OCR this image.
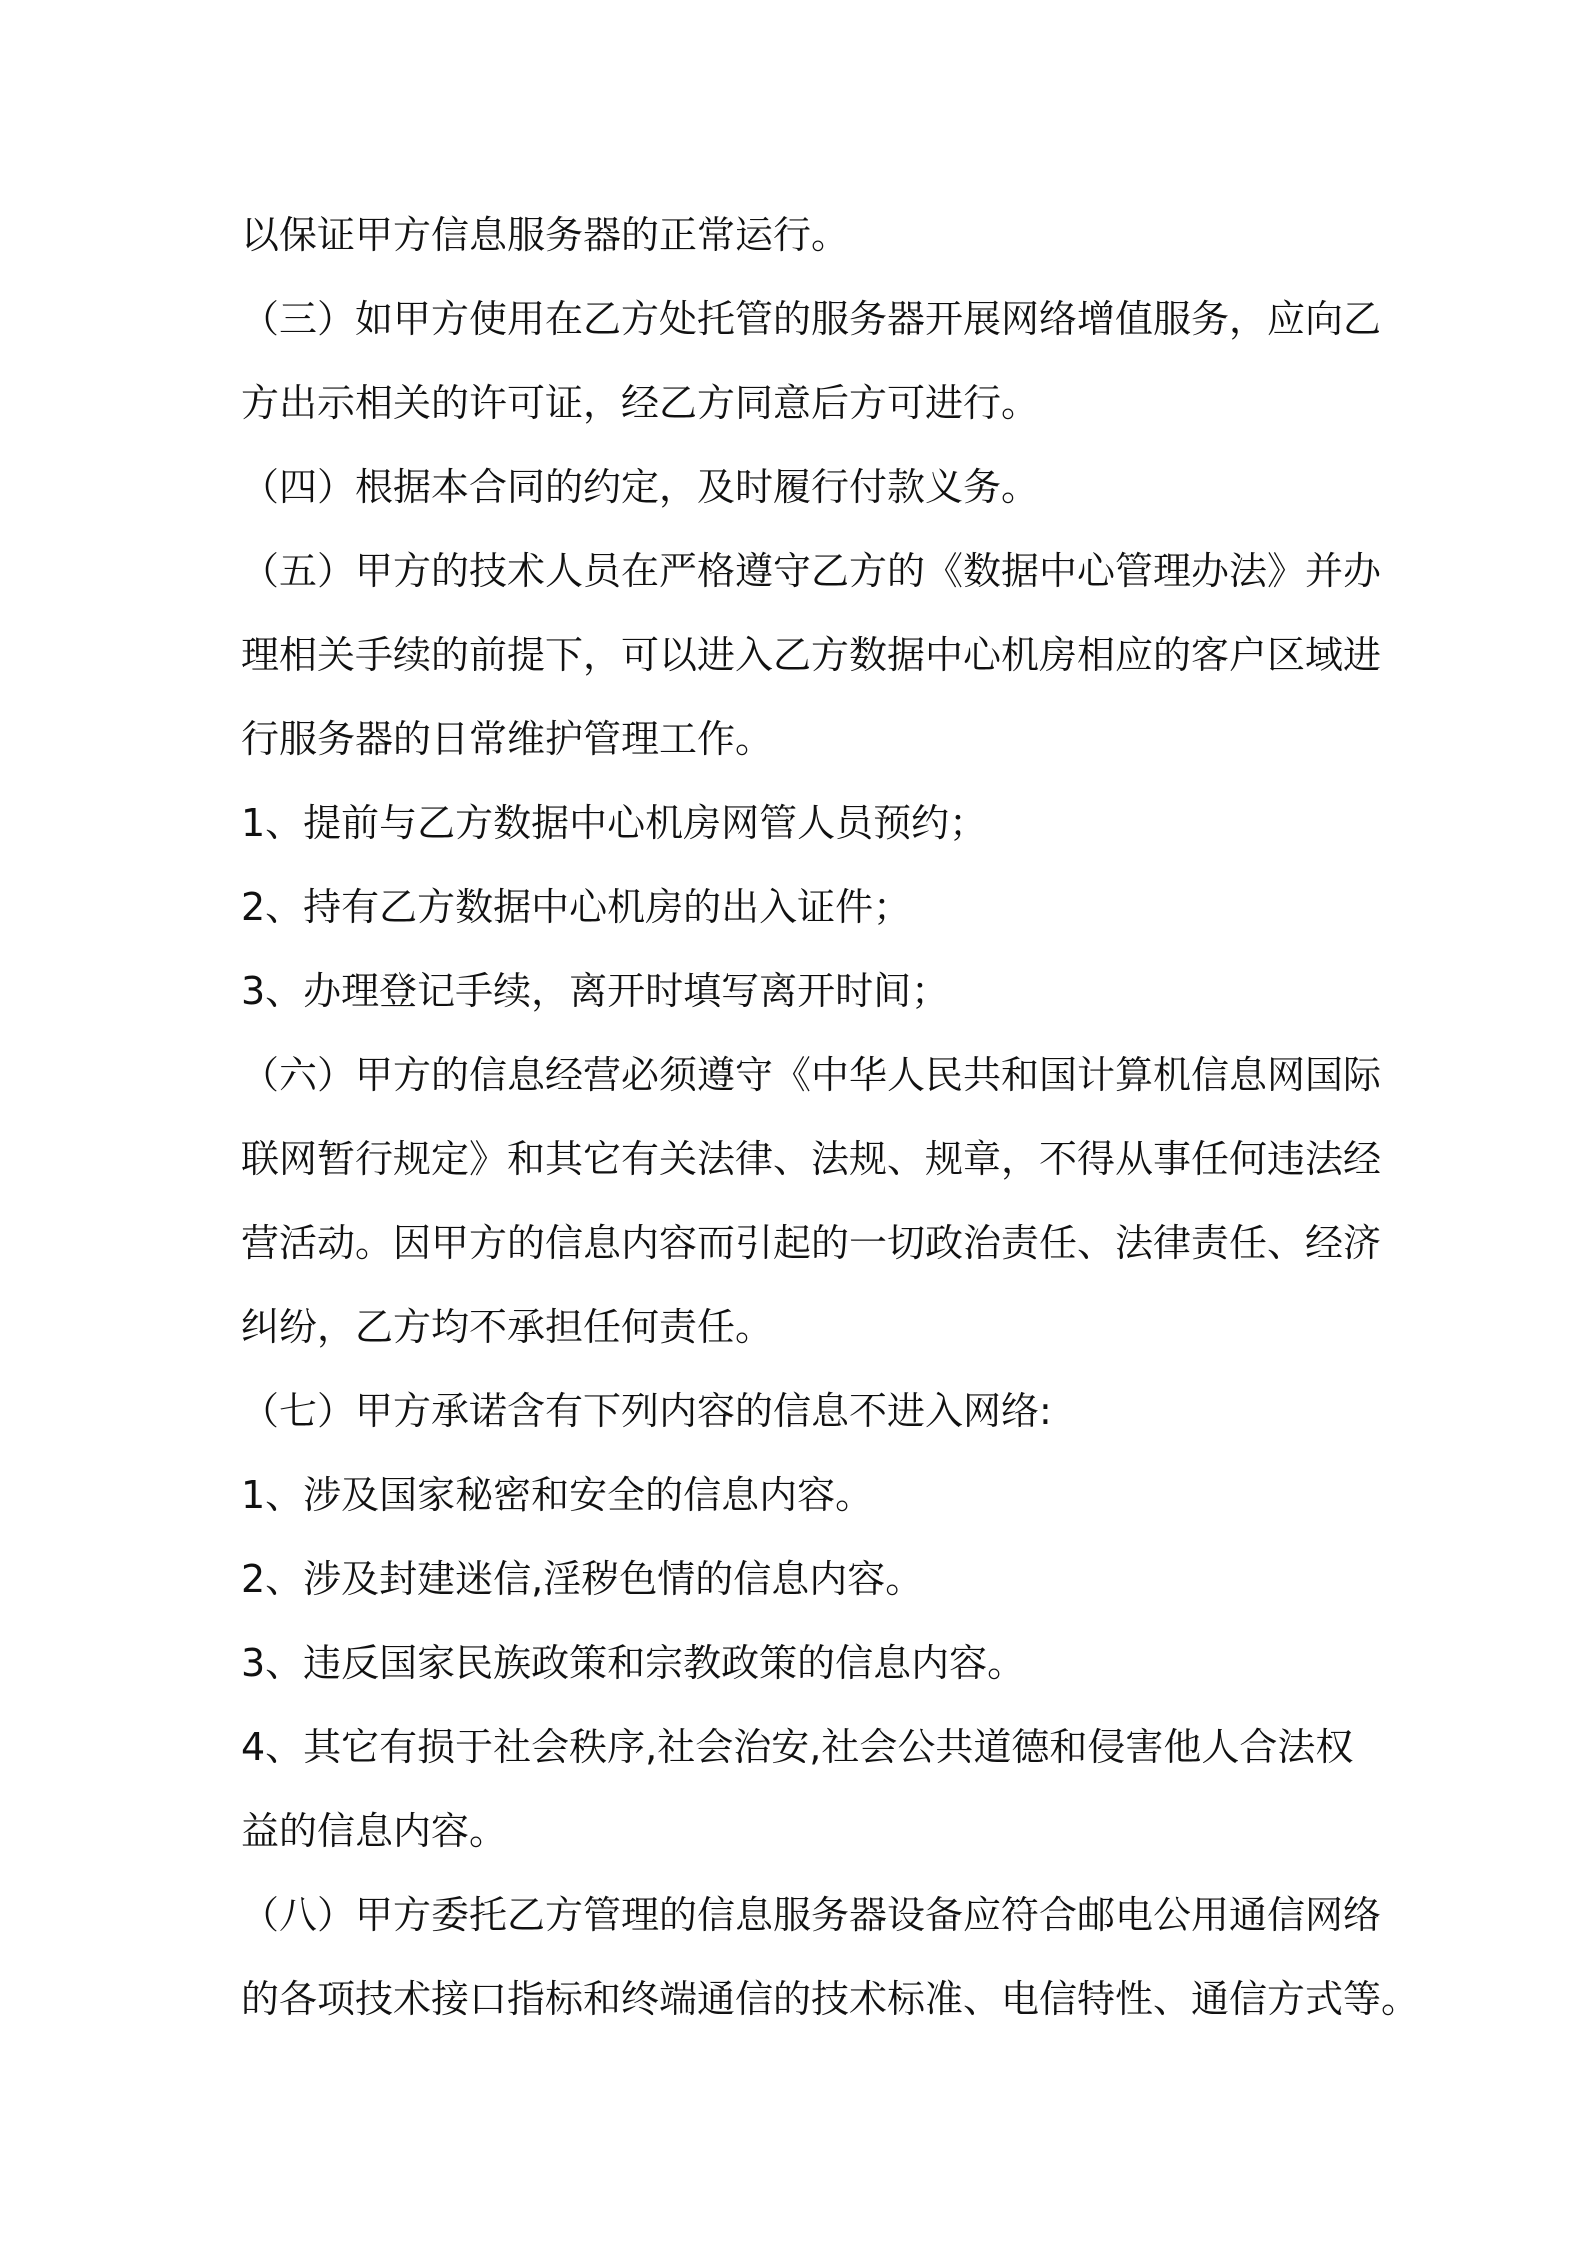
以保证甲方信息服务器的正常运行。
（三）如甲方使用在乙方处托管的服务器开展网络增值服务，应向乙
方出示相关的许可证，经乙方同意后方可进行。
（四）根据本合同的约定，及时履行付款义务。
（五）甲方的技术人员在严格遵守乙方的《数据中心管理办法》并办
理相关手续的前提下，可以进入乙方数据中心机房相应的客户区域进
行服务器的日常维护管理工作。
1、提前与乙方数据中心机房网管人员预约；
2、持有乙方数据中心机房的出入证件；
3、办理登记手续，离开时填写离开时间；
（六）甲方的信息经营必须遵守《中华人民共和国计算机信息网国际
联网暂行规定》和其它有关法律、法规、规章，不得从事任何违法经
营活动。因甲方的信息内容而引起的一切政治责任、法律责任、经济
纠纷，乙方均不承担任何责任。
（七）甲方承诺含有下列内容的信息不进入网络:
1、涉及国家秘密和安全的信息内容。
2、涉及封建迷信,淫秽色情的信息内容。
3、违反国家民族政策和宗教政策的信息内容。
4、其它有损于社会秩序,社会治安,社会公共道德和侵害他人合法权
益的信息内容。
（八）甲方委托乙方管理的信息服务器设备应符合邮电公用通信网络
的各项技术接口指标和终端通信的技术标准、电信特性、通信方式等。
